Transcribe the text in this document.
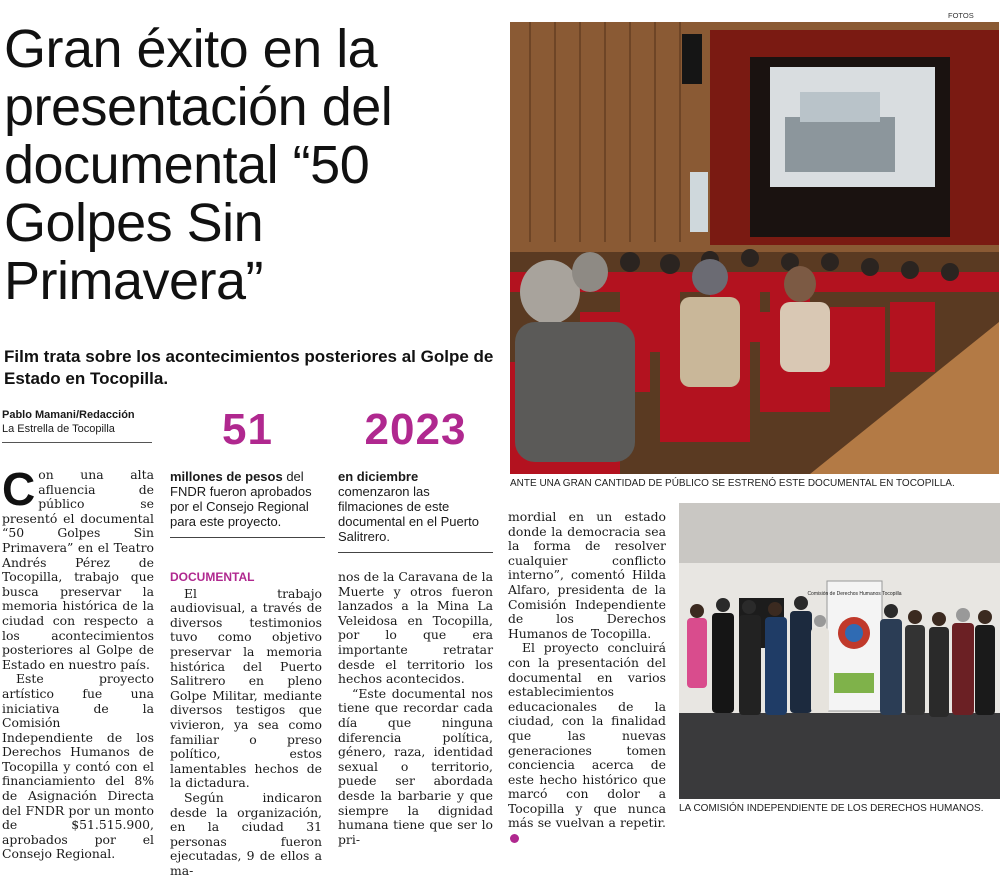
FOTOS
Gran éxito en la presentación del documental “50 Golpes Sin Primavera”
Film trata sobre los acontecimientos posteriores al Golpe de Estado en Tocopilla.
Pablo Mamani/Redacción
La Estrella de Tocopilla	51
millones de pesos del FNDR fueron aprobados por el Consejo Regional para este proyecto.
2023
en diciembre comenzaron las filmaciones de este documental en el Puerto Salitrero.

Con una alta afluencia de público se presentó el documental “50 Golpes Sin Primavera” en el Teatro Andrés Pérez de Tocopilla, trabajo que busca preservar la memoria histórica de la ciudad con respecto a los acontecimientos posteriores al Golpe de Estado en nuestro país.

Este proyecto artístico fue una iniciativa de la Comisión Independiente de los Derechos Humanos de Tocopilla y contó con el financiamiento del 8% de Asignación Directa del FNDR por un monto de $51.515.900, aprobados por el Consejo Regional.

DOCUMENTAL

El trabajo audiovisual, a través de diversos testimonios tuvo como objetivo preservar la memoria histórica del Puerto Salitrero en pleno Golpe Militar, mediante diversos testigos que vivieron, ya sea como familiar o preso político, estos lamentables hechos de la dictadura.

Según indicaron desde la organización, en la ciudad 31 personas fueron ejecutadas, 9 de ellos a ma-

nos de la Caravana de la Muerte y otros fueron lanzados a la Mina La Veleidosa en Tocopilla, por lo que era importante retratar desde el territorio los hechos acontecidos.

“Este documental nos tiene que recordar cada día que ninguna diferencia política, género, raza, identidad sexual o territorio, puede ser abordada desde la barbarie y que siempre la dignidad humana tiene que ser lo pri-

mordial en un estado donde la democracia sea la forma de resolver cualquier conflicto interno”, comentó Hilda Alfaro, presidenta de la Comisión Independiente de los Derechos Humanos de Tocopilla.

El proyecto concluirá con la presentación del documental en varios establecimientos educacionales de la ciudad, con la finalidad que las nuevas generaciones tomen conciencia acerca de este hecho histórico que marcó con dolor a Tocopilla y que nunca más se vuelvan a repetir.

ANTE UNA GRAN CANTIDAD DE PÚBLICO SE ESTRENÓ ESTE DOCUMENTAL EN TOCOPILLA.
Comisión de Derechos Humanos Tocopilla
LA COMISIÓN INDEPENDIENTE DE LOS DERECHOS HUMANOS.
